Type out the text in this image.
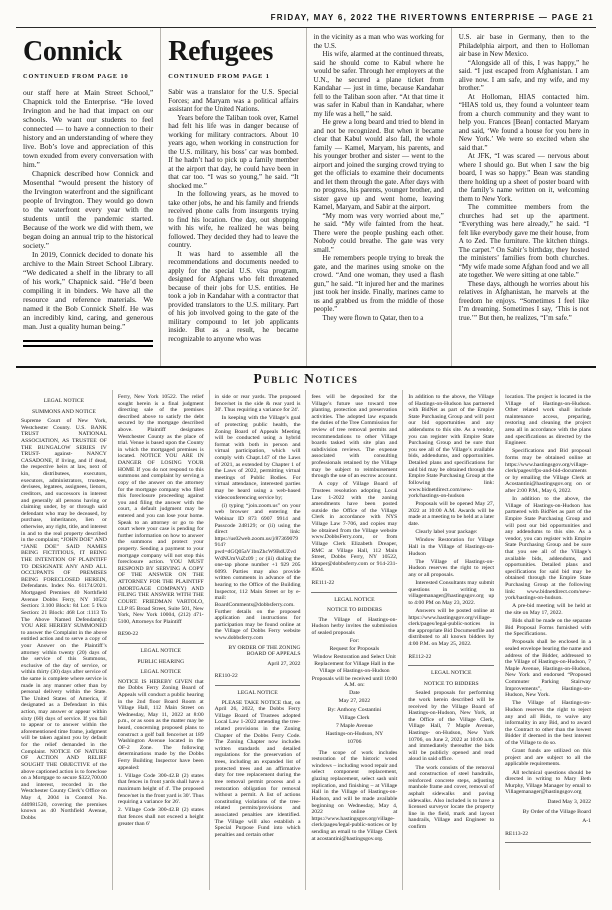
FRIDAY, MAY 6, 2022 THE RIVERTOWNS ENTERPRISE — PAGE 21
Connick
CONTINUED FROM PAGE 10

our staff here at Main Street School,” Chapnick told the Enterprise. “He loved Irvington and he had that impact on our schools. We want our students to feel connected — to have a connection to their history and an understanding of where they live. Bob’s love and appreciation of this town exuded from every conversation with him.”

Chapnick described how Connick and Mosenthal “would present the history of the Irvington waterfront and the significant people of Irvington. They would go down to the waterfront every year with the students until the pandemic started. Because of the work we did with them, we began doing an annual trip to the historical society.”

In 2019, Connick decided to donate his archive to the Main Street School Library. “We dedicated a shelf in the library to all of his work,” Chapnick said. “He’d been compiling it in binders. We have all the resource and reference materials. We named it the Bob Connick Shelf. He was an incredibly kind, caring, and generous man. Just a quality human being.”

Refugees
CONTINUED FROM PAGE 1

Sabir was a translator for the U.S. Special Forces; and Maryam was a political affairs assistant for the United Nations.

Years before the Taliban took over, Kamel had felt his life was in danger because of working for military contractors. About 10 years ago, when working in construction for the U.S. military, his boss’ car was bombed. If he hadn’t had to pick up a family member at the airport that day, he could have been in that car too. “I was so young,” he said. “It shocked me.”

In the following years, as he moved to take other jobs, he and his family and friends received phone calls from insurgents trying to find his location. One day, out shopping with his wife, he realized he was being followed. They decided they had to leave the country.

It was hard to assemble all the recommendations and documents needed to apply for the special U.S. visa program, designed for Afghans who felt threatened because of their jobs for U.S. entities. He took a job in Kandahar with a contractor that provided translators to the U.S. military. Part of his job involved going to the gate of the military compound to let job applicants inside. But as a result, he became recognizable to anyone who was

in the vicinity as a man who was working for the U.S.

His wife, alarmed at the continued threats, said he should come to Kabul where he would be safer. Through her employers at the U.N., he secured a plane ticket from Kandahar — just in time, because Kandahar fell to the Taliban soon after. “At that time it was safer in Kabul than in Kandahar, where my life was a hell,” he said.

He grew a long beard and tried to blend in and not be recognized. But when it became clear that Kabul would also fall, the whole family — Kamel, Maryam, his parents, and his younger brother and sister — went to the airport and joined the surging crowd trying to get the officials to examine their documents and let them through the gate. After days with no progress, his parents, younger brother, and sister gave up and went home, leaving Kamel, Maryam, and Sabir at the airport.

“My mom was very worried about me,” he said. “My wife fainted from the heat. There were the people pushing each other. Nobody could breathe. The gate was very small.”

He remembers people trying to break the gate, and the marines using smoke on the crowd. “And one woman, they used a flash gun,” he said. “It injured her and the marines just took her inside. Finally, marines came to us and grabbed us from the middle of those people.”

They were flown to Qatar, then to a

U.S. air base in Germany, then to the Philadelphia airport, and then to Holloman air base in New Mexico.

“Alongside all of this, I was happy,” he said. “I just escaped from Afghanistan. I am alive now. I am safe, and my wife, and my brother.”

At Holloman, HIAS contacted him. “HIAS told us, they found a volunteer team from a church community and they want to help you. Frances [Bean] contacted Maryam and said, ‘We found a house for you here in New York.’ We were so excited when she said that.”

At JFK, “I was scared — nervous about where I should go. But when I saw the big board, I was so happy.” Bean was standing there holding up a sheet of poster board with the family’s name written on it, welcoming them to New York.

The committee members from the churches had set up the apartment. “Everything was here already,” he said. “I felt like everybody gave me their house, from A to Zed. The furniture. The kitchen things. The carpet.” On Sabir’s birthday, they hosted the ministers’ families from both churches. “My wife made some Afghan food and we all ate together. We were sitting at one table.”

These days, although he worries about his relatives in Afghanistan, he marvels at the freedom he enjoys. “Sometimes I feel like I’m dreaming. Sometimes I say, ‘This is not true.’” But then, he realizes, “I’m safe.”

Public Notices

LEGAL NOTICE

SUMMONS AND NOTICE

Supreme Court of New York, Westchester County. U.S. BANK TRUST NATIONAL ASSOCIATION, AS TRUSTEE OF THE BUNGALOW SERIES IV TRUST- against- NANCY CASADONE, if living, and if dead, the respective heirs at law, next of kin, distributees, executors, executors, administrators, trustees, devisees, legatees, assignees, lienors, creditors, and successors in interest and generally all persons having or claiming under, by or through said defendant who may be deceased, by purchase, inheritance, lien or otherwise, any right, title, and interest in and to the real property described in the complaint; “JOHN DOE” AND “JANE DOE” SAID NAMES BEING FICTITIOUS, IT BEING THE INTENTION OF PLAINTIFF TO DESIGNATE ANY AND ALL OCCUPANTS OF PREMISES BEING FORECLOSED HEREIN, Defendants. Index No. 61174/2021. Mortgaged Premises 40 Northfield Avenue Dobbs Ferry, NY 10522 Section: 3.100 Block: 84 Lot: 5 f/k/a Section: 21 Block: 468 Lot :1113 To The Above Named Defendant(s): YOU ARE HEREBY SUMMONED to answer the Complaint in the above entitled action and to serve a copy of your Answer on the Plaintiff’s attorney within twenty (20) days of the service of this Summons, exclusive of the day of service, or within thirty (30) days after service of the same is complete where service is made in any manner other than by personal delivery within the State. The United States of America, if designated as a Defendant in this action, may answer or appear within sixty (60) days of service. If you fail to appear or to answer within the aforementioned time frame, judgment will be taken against you by default for the relief demanded in the Complaint. NOTICE OF NATURE OF ACTION AND RELIEF SOUGHT THE OBJECTIVE of the above captioned action is to foreclose on a Mortgage to secure $322,700.00 and interest, recorded in the Westchester County Clerk’s Office on May 4, 2004 in Control No. 440981520, covering the premises known as 40 Northfield Avenue, Dobbs

Ferry, New York 10522. The relief sought herein is a final judgment directing sale of the premises described above to satisfy the debt secured by the mortgage described above. Plaintiff designates Westchester County as the place of trial. Venue is based upon the County in which the mortgaged premises is located. NOTICE YOU ARE IN DANGER OF LOSING YOUR HOME If you do not respond to this summons and complaint by serving a copy of the answer on the attorney for the mortgage company who filed this foreclosure proceeding against you and filing the answer with the court, a default judgment may be entered and you can lose your home. Speak to an attorney or go to the court where your case is pending for further information on how to answer the summons and protect your property. Sending a payment to your mortgage company will not stop this foreclosure action. YOU MUST RESPOND BY SERVING A COPY OF THE ANSWER ON THE ATTORNEY FOR THE PLAINTIFF (MORTGAGE COMPANY) AND FILING THE ANSWER WITH THE COURT. FRIEDMAN VARTOLO, LLP 85 Broad Street, Suite 501, New York, New York 10004, (212) 471-5100, Attorneys for Plaintiff

RE90-22

LEGAL NOTICE

PUBLIC HEARING

LEGAL NOTICE

NOTICE IS HEREBY GIVEN that the Dobbs Ferry Zoning Board of Appeals will conduct a public hearing in the 2nd floor Board Room at Village Hall, 112 Main Street on Wednesday, May 11, 2022 at 8:00 p.m., or as soon as the matter may be heard, concerning proposed plans to construct a golf ball fence/net at 189 Washington Avenue located in the OF-2 Zone. The following determinations made by the Dobbs Ferry Building Inspector have been appealed:

1. Village Code 300-42.B (2) states that fences in front yards shall have a maximum height of 4'. The proposed fence/net in the front yard is 30'. Thus requiring a variance for 26'.

2. Village Code 300-42.B (2) states that fences shall not exceed a height greater than 6'

in side or rear yards. The proposed fence/net in the side & rear yard is 30'. Thus requiring a variance for 24'.

In keeping with the Village’s goal of protecting public health, the Zoning Board of Appeals Meeting will be conducted using a hybrid format with both in person and virtual participation, which will comply with Chapt.147 of the Laws of 2021, as extended by Chapter 1 of the Laws of 2022, permitting virtual meetings of Public Bodies. For virtual attendance, interested parties may be heard using a web-based videoconferencing service by;

(i) typing “join.zoom.us” on your web browser and entering the Webinar ID 873 6907 9914 and Passcode 248129; or (ii) using the direct link: https://us02web.zoom.us/j/87369079914?pwd=dGQ05aV1bnZhcW9BdUZvdWdNUmVuZz09 ; or (iii) dialing the one-tap phone number +1 929 205 6099. Parties may also provide written comments in advance of the hearing to the Office of the Building Inspector, 112 Main Street or by e-mail: BoardComments@dobbsferry.com. Further details on the proposed application and instructions for participation may be found online at the Village of Dobbs Ferry website www.dobbsferry.com

BY ORDER OF THE ZONING BOARD OF APPEALS

April 27, 2022

RE110-22

LEGAL NOTICE

PLEASE TAKE NOTICE that, on April 26, 2022, the Dobbs Ferry Village Board of Trustees adopted Local Law 1-2022 amending the tree-related provisions in the Zoning Chapter of the Dobbs Ferry Code. The Zoning Chapter now includes written standards and detailed regulations for the preservation of trees, including an expanded list of protected trees and an affirmative duty for tree replacement during the tree removal permit process and a restoration obligation for removal without a permit. A list of actions constituting violations of the tree-related permits/provisions and associated penalties are identified. The Village will also establish a Special Purpose Fund into which penalties and certain other

fees will be deposited for the Village’s future use toward tree planting, protection and preservation activities. The adopted law expands the duties of the Tree Commission for review of tree removal permits and recommendations to other Village boards tasked with site plan and subdivision reviews. The expense associated with consulting professionals retained by the Village may be subject to reimbursement through the use of an escrow account.

A copy of Village Board of Trustees resolution adopting Local Law 1-2022 with the zoning amendments have been posted outside the Office of the Village Clerk in accordance with NYS Village Law 7-706, and copies may be obtained from the Village website www.DobbsFerry.com, or from Village Clerk Elizabeth Dreaper, RMC at Village Hall, 112 Main Street, Dobbs Ferry, NY 10522, ldraper@dobbsferry.com or 914-231-8504.

RE111-22

LEGAL NOTICE

NOTICE TO BIDDERS

The Village of Hastings-on-Hudson herby invites the submission of sealed proposals

For:

Request for Proposals

Window Restoration and Select Unit Replacement for Village Hall in the Village of Hastings-on-Hudson

Proposals will be received until 10:00 A.M. on:

Date

May 27, 2022

By: Anthony Costantini

Village Clerk

7 Maple Avenue

Hastings-on-Hudson, NY

10706

The scope of work includes restoration of the historic wood windows – including wood repair and select component replacement, glazing replacement, select sash unit replication, and finishing – at Village Hall in the Village of Hastings-on-Hudson, and will be made available beginning on Wednesday, May 4, 2022 online at https://www.hastingsgov.org/village-clerk/pages/legal-public-notices or by sending an email to the Village Clerk at acostantini@hastingsgov.org.

In addition to the above, the Village of Hastings-on-Hudson has partnered with BidNet as part of the Empire State Purchasing Group and will post our bid opportunities and any addendums to this site. As a vendor, you can register with Empire State Purchasing Group and be sure that you see all of the Village’s available bids, addendums, and opportunities. Detailed plans and specifications for said bid may be obtained through the Empire State Purchasing Group at the following link: www.bidnetdirect.com/new-york/hastings-on-hudson

Proposals will be opened May 27, 2022 at 10:00 A.M. Awards will be made at a meeting to be held at a later date.

Clearly label your package:

Window Restoration for Village Hall in the Village of Hastings-on-Hudson

The Village of Hastings-on-Hudson reserves the right to reject any or all proposals.

Interested Consultants may submit questions in writing to villagemanager@hastingsgov.org up to 4:00 PM on May 23, 2022.

Answers will be posted online at https://www.hastingsgov.org/village-clerk/pages/legal-public-notices in the appropriate Bid Documentfile and distributed to all known bidders by 4:00 P.M. on May 25, 2022.

RE112-22

LEGAL NOTICE

NOTICE TO BIDDERS

Sealed proposals for performing the work herein described will be received by the Village Board of Hastings-on-Hudson, New York, at the Office of the Village Clerk, Village Hall, 7 Maple Avenue, Hastings- on-Hudson, New York 10706, on June 2, 2022 at 10:00 a.m. and immediately thereafter the bids will be publicly opened and read aloud in said office.

The work consists of the removal and construction of steel handrails, reinforced concrete steps, adjusting manhole frame and cover, removal of asphalt sidewalks and paving sidewalks. Also included is to have a licensed surveyor locate the property line in the field, mark and layout handrails, Village and Engineer to confirm

location. The project is located in the Village of Hastings-on-Hudson. Other related work shall include maintenance access, preparing, restoring and cleaning the project area all in accordance with the plans and specifications as directed by the Engineer.

Specifications and Bid proposal forms may be obtained online at https://www.hastingsgov.org/village- clerk/pages/rfps-and-bid-documents or by emailing the Village Clerk at Acostantini@hastingsgov.org on or after 2:00 P.M., May 6, 2022.

In addition to the above, the Village of Hastings-on-Hudson has partnered with BidNet as part of the Empire State Purchasing Group and will post our bid opportunities and any addendums to this site. As a vendor, you can register with Empire State Purchasing Group and be sure that you see all of the Village’s available bids, addendums, and opportunities. Detailed plans and specifications for said bid may be obtained through the Empire State Purchasing Group at the following link: www.bidnetdirect.com/new-york/hastings-on-hudson.

A pre-bid meeting will be held at the site on May 17, 2022.

Bids shall be made on the separate Bid Proposal Forms furnished with the Specifications.

Proposals shall be enclosed in a sealed envelope bearing the name and address of the Bidder, addressed to the Village of Hastings-on-Hudson, 7 Maple Avenue, Hastings-on-Hudson, New York and endorsed “Proposed Commuter Parking Stairway Improvements”, Hastings-on-Hudson, New York.

The Village of Hastings-on-Hudson reserves the right to reject any and all Bids, to waive any informality in any Bid, and to award the Contract to other than the lowest Bidder if deemed in the best interest of the Village to do so.

Grant funds are utilized on this project and are subject to all the applicable requirements.

All technical questions should be directed in writing to Mary Beth Murphy, Village Manager by email to Villagemanager@hastingsgov.org

Dated May 3, 2022

By Order of the Village Board

A-1

RE113-22
